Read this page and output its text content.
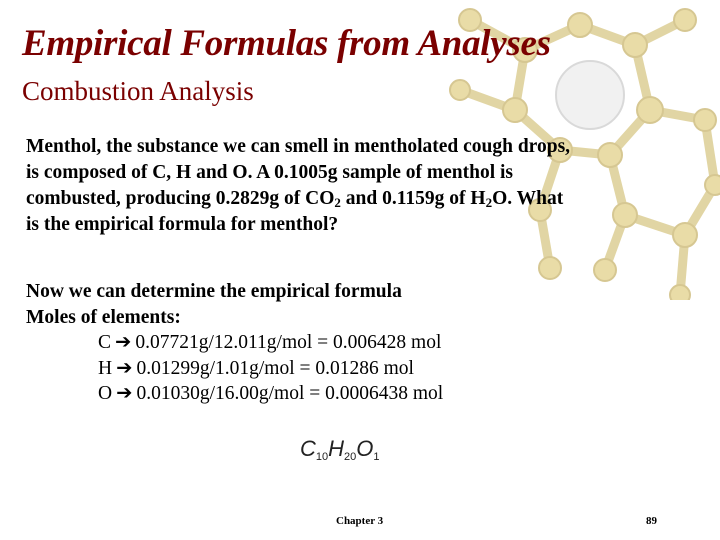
Empirical Formulas from Analyses
Combustion Analysis
Menthol, the substance we can smell in mentholated cough drops,
is composed of C, H and O. A 0.1005g sample of menthol is
combusted, producing 0.2829g of $CO_2$ and 0.1159g of $H_2O$. What
is the empirical formula for menthol?
Now we can determine the empirical formula
Moles of elements:
C ➔ 0.07721g/12.011g/mol = 0.006428 mol
H ➔ 0.01299g/1.01g/mol = 0.01286 mol
O ➔ 0.01030g/16.00g/mol = 0.0006438 mol
$C_{10}H_{20}O_1$
Chapter 3	89
